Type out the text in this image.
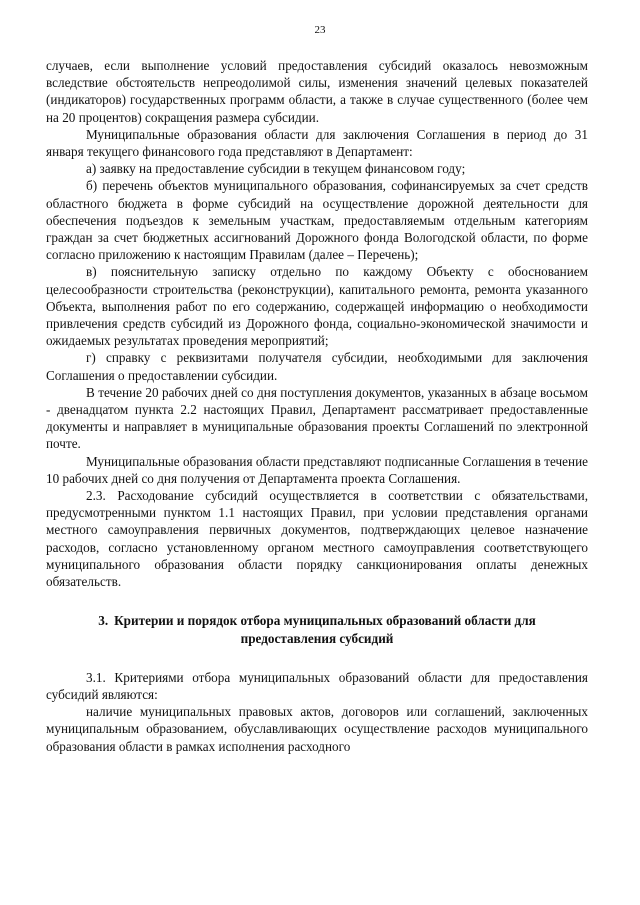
23

случаев, если выполнение условий предоставления субсидий оказалось невозможным вследствие обстоятельств непреодолимой силы, изменения значений целевых показателей (индикаторов) государственных программ области, а также в случае существенного (более чем на 20 процентов) сокращения размера субсидии.

Муниципальные образования области для заключения Соглашения в период до 31 января текущего финансового года представляют в Департамент:

а) заявку на предоставление субсидии в текущем финансовом году;

б) перечень объектов муниципального образования, софинансируемых за счет средств областного бюджета в форме субсидий на осуществление дорожной деятельности для обеспечения подъездов к земельным участкам, предоставляемым отдельным категориям граждан за счет бюджетных ассигнований Дорожного фонда Вологодской области, по форме согласно приложению к настоящим Правилам (далее – Перечень);

в) пояснительную записку отдельно по каждому Объекту с обоснованием целесообразности строительства (реконструкции), капитального ремонта, ремонта указанного Объекта, выполнения работ по его содержанию, содержащей информацию о необходимости привлечения средств субсидий из Дорожного фонда, социально-экономической значимости и ожидаемых результатах проведения мероприятий;

г) справку с реквизитами получателя субсидии, необходимыми для заключения Соглашения о предоставлении субсидии.

В течение 20 рабочих дней со дня поступления документов, указанных в абзаце восьмом - двенадцатом пункта 2.2 настоящих Правил, Департамент рассматривает предоставленные документы и направляет в муниципальные образования проекты Соглашений по электронной почте.

Муниципальные образования области представляют подписанные Соглашения в течение 10 рабочих дней со дня получения от Департамента проекта Соглашения.

2.3. Расходование субсидий осуществляется в соответствии с обязательствами, предусмотренными пунктом 1.1 настоящих Правил, при условии представления органами местного самоуправления первичных документов, подтверждающих целевое назначение расходов, согласно установленному органом местного самоуправления соответствующего муниципального образования области порядку санкционирования оплаты денежных обязательств.

3. Критерии и порядок отбора муниципальных образований области для предоставления субсидий

3.1. Критериями отбора муниципальных образований области для предоставления субсидий являются:

наличие муниципальных правовых актов, договоров или соглашений, заключенных муниципальным образованием, обуславливающих осуществление расходов муниципального образования области в рамках исполнения расходного
